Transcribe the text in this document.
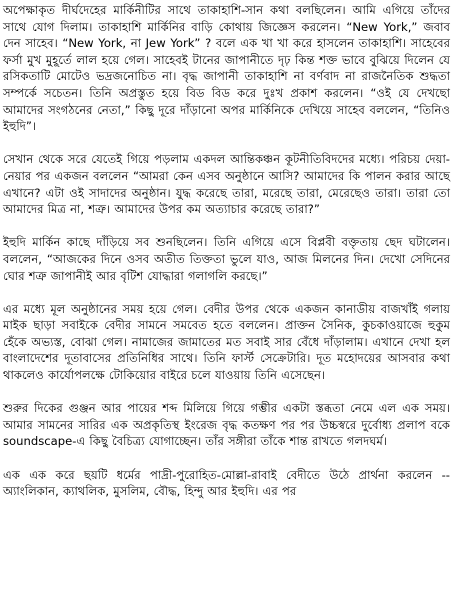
অপেক্ষাকৃত দীর্ঘদেহের মার্কিনীটির সাথে তাকাহাশি-সান কথা বলছিলেন। আমি এগিয়ে তাঁদের সাথে যোগ দিলাম। তাকাহাশি মার্কিনির বাড়ি কোথায় জিজ্ঞেস করলেন। “New York,” জবাব দেন সাহেব। “New York, না Jew York” ? বলে এক খা খা করে হাসলেন তাকাহাশি। সাহেবের ফর্সা মুখ মুহূর্তে লাল হয়ে গেল। সাহেবই টানের জাপানীতে দৃঢ় কিন্ত শক্ত ভাবে বুঝিয়ে দিলেন যে রসিকতাটি মোটেও ভদ্রজনোচিত না। বৃদ্ধ জাপানী তাকাহাশি না বর্ণবাদ না রাজনৈতিক শুদ্ধতা সম্পর্কে সচেতন। তিনি অপ্রস্তুত হয়ে বিড বিড করে দুঃখ প্রকাশ করলেন। “ওই যে দেখছো আমাদের সংগঠনের নেতা,” কিছু দূরে দাঁড়ানো অপর মার্কিনিকে দেখিয়ে সাহেব বললেন, “তিনিও ইহুদি”।

সেখান থেকে সরে যেতেই গিয়ে পড়লাম একদল আন্তিকঞ্চন কূটনীতিবিদদের মধ্যে। পরিচয় দেয়া-নেয়ার পর একজন বললেন “আমরা কেন এসব অনুষ্ঠানে আসি? আমাদের কি পালন করার আছে এখানে? এটা ওই সাদাদের অনুষ্ঠান। যুদ্ধ করেছে তারা, মরেছে তারা, মেরেছেও তারা। তারা তো আমাদের মিত্র না, শত্রু। আমাদের উপর কম অত্যাচার করেছে তারা?”

ইহুদি মার্কিন কাছে দাঁড়িয়ে সব শুনছিলেন। তিনি এগিয়ে এসে বিপ্লবী বক্তৃতায় ছেদ ঘটালেন। বললেন, “আজকের দিনে ওসব অতীত তিক্ততা ভুলে যাও, আজ মিলনের দিন। দেখো সেদিনের ঘোর শত্রু জাপানীই আর বৃটিশ যোদ্ধারা গলাগলি করছে।”

এর মধ্যে মূল অনুষ্ঠানের সময় হয়ে গেল। বেদীর উপর থেকে একজন কানাডীয় বাজখাঁই গলায় মাইক ছাড়া সবাইকে বেদীর সামনে সমবেত হতে বললেন। প্রাক্তন সৈনিক, কুচকাওয়াজে হুকুম হেঁকে অভ্যস্ত, বোঝা গেল। নামাজের জামাতের মত সবাই সার বেঁধে দাঁড়ালাম। এখানে দেখা হল বাংলাদেশের দূতাবাসের প্রতিনিধির সাথে। তিনি ফার্স্ট সেক্রেটারি। দূত মহোদয়ের আসবার কথা থাকলেও কার্যোপলক্ষে টোকিয়োর বাইরে চলে যাওয়ায় তিনি এসেছেন।

শুরুর দিকের গুঞ্জন আর পায়ের শব্দ মিলিয়ে গিয়ে গম্ভীর একটা স্তব্ধতা নেমে এল এক সময়। আমার সামনের সারির এক অপ্রকৃতিস্থ ইংরেজ বৃদ্ধ কতক্ষণ পর পর উচ্চস্বরে দুর্বোধ্য প্রলাপ বকে soundscape-এ কিছু বৈচিত্র্য যোগাচ্ছেন। তাঁর সঙ্গীরা তাঁকে শান্ত রাখতে গলদঘর্ম।

এক এক করে ছয়টি ধর্মের পাদ্রী-পুরোহিত-মোল্লা-রাবাই বেদীতে উঠে প্রার্থনা করলেন -- অ্যাংলিকান, ক্যাথলিক, মুসলিম, বৌদ্ধ, হিন্দু আর ইহুদি। এর পর
